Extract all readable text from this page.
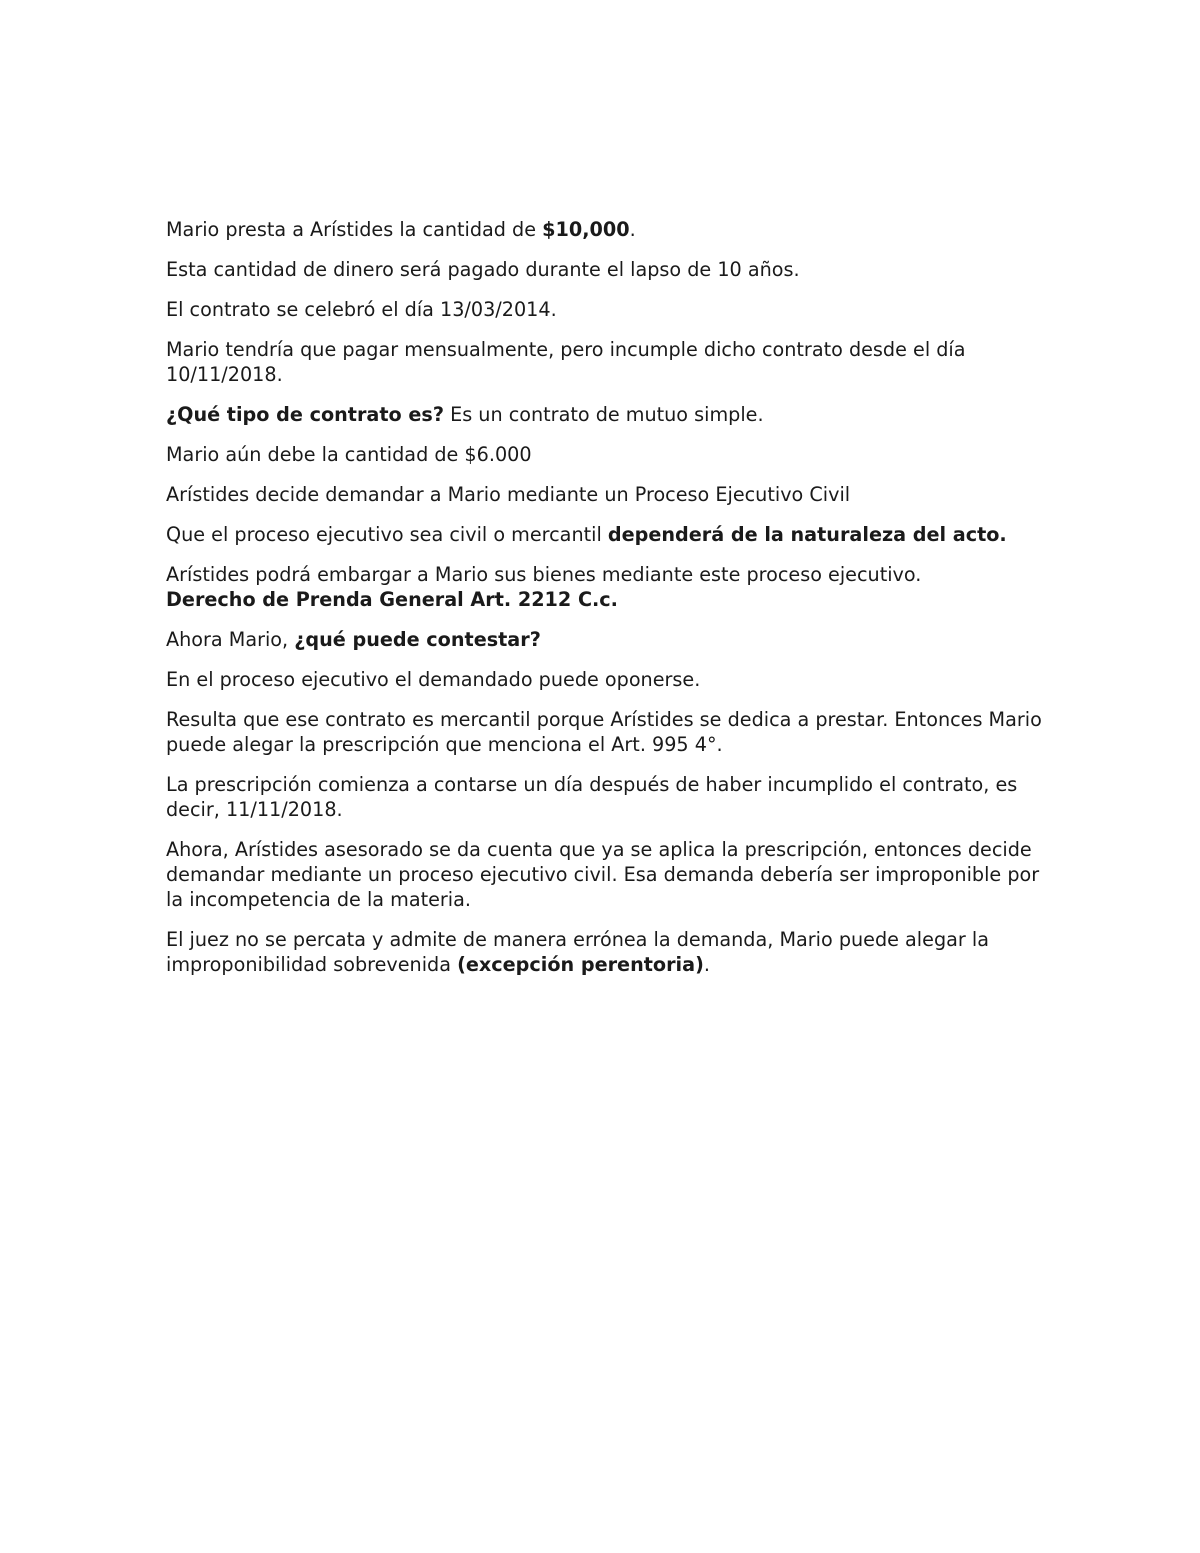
Mario presta a Arístides la cantidad de $10,000.

Esta cantidad de dinero será pagado durante el lapso de 10 años.

El contrato se celebró el día 13/03/2014.

Mario tendría que pagar mensualmente, pero incumple dicho contrato desde el día 10/11/2018.

¿Qué tipo de contrato es? Es un contrato de mutuo simple.

Mario aún debe la cantidad de $6.000

Arístides decide demandar a Mario mediante un Proceso Ejecutivo Civil

Que el proceso ejecutivo sea civil o mercantil dependerá de la naturaleza del acto.

Arístides podrá embargar a Mario sus bienes mediante este proceso ejecutivo.
Derecho de Prenda General Art. 2212 C.c.

Ahora Mario, ¿qué puede contestar?

En el proceso ejecutivo el demandado puede oponerse.

Resulta que ese contrato es mercantil porque Arístides se dedica a prestar. Entonces Mario puede alegar la prescripción que menciona el Art. 995 4°.

La prescripción comienza a contarse un día después de haber incumplido el contrato, es decir, 11/11/2018.

Ahora, Arístides asesorado se da cuenta que ya se aplica la prescripción, entonces decide demandar mediante un proceso ejecutivo civil. Esa demanda debería ser improponible por la incompetencia de la materia.

El juez no se percata y admite de manera errónea la demanda, Mario puede alegar la improponibilidad sobrevenida (excepción perentoria).
